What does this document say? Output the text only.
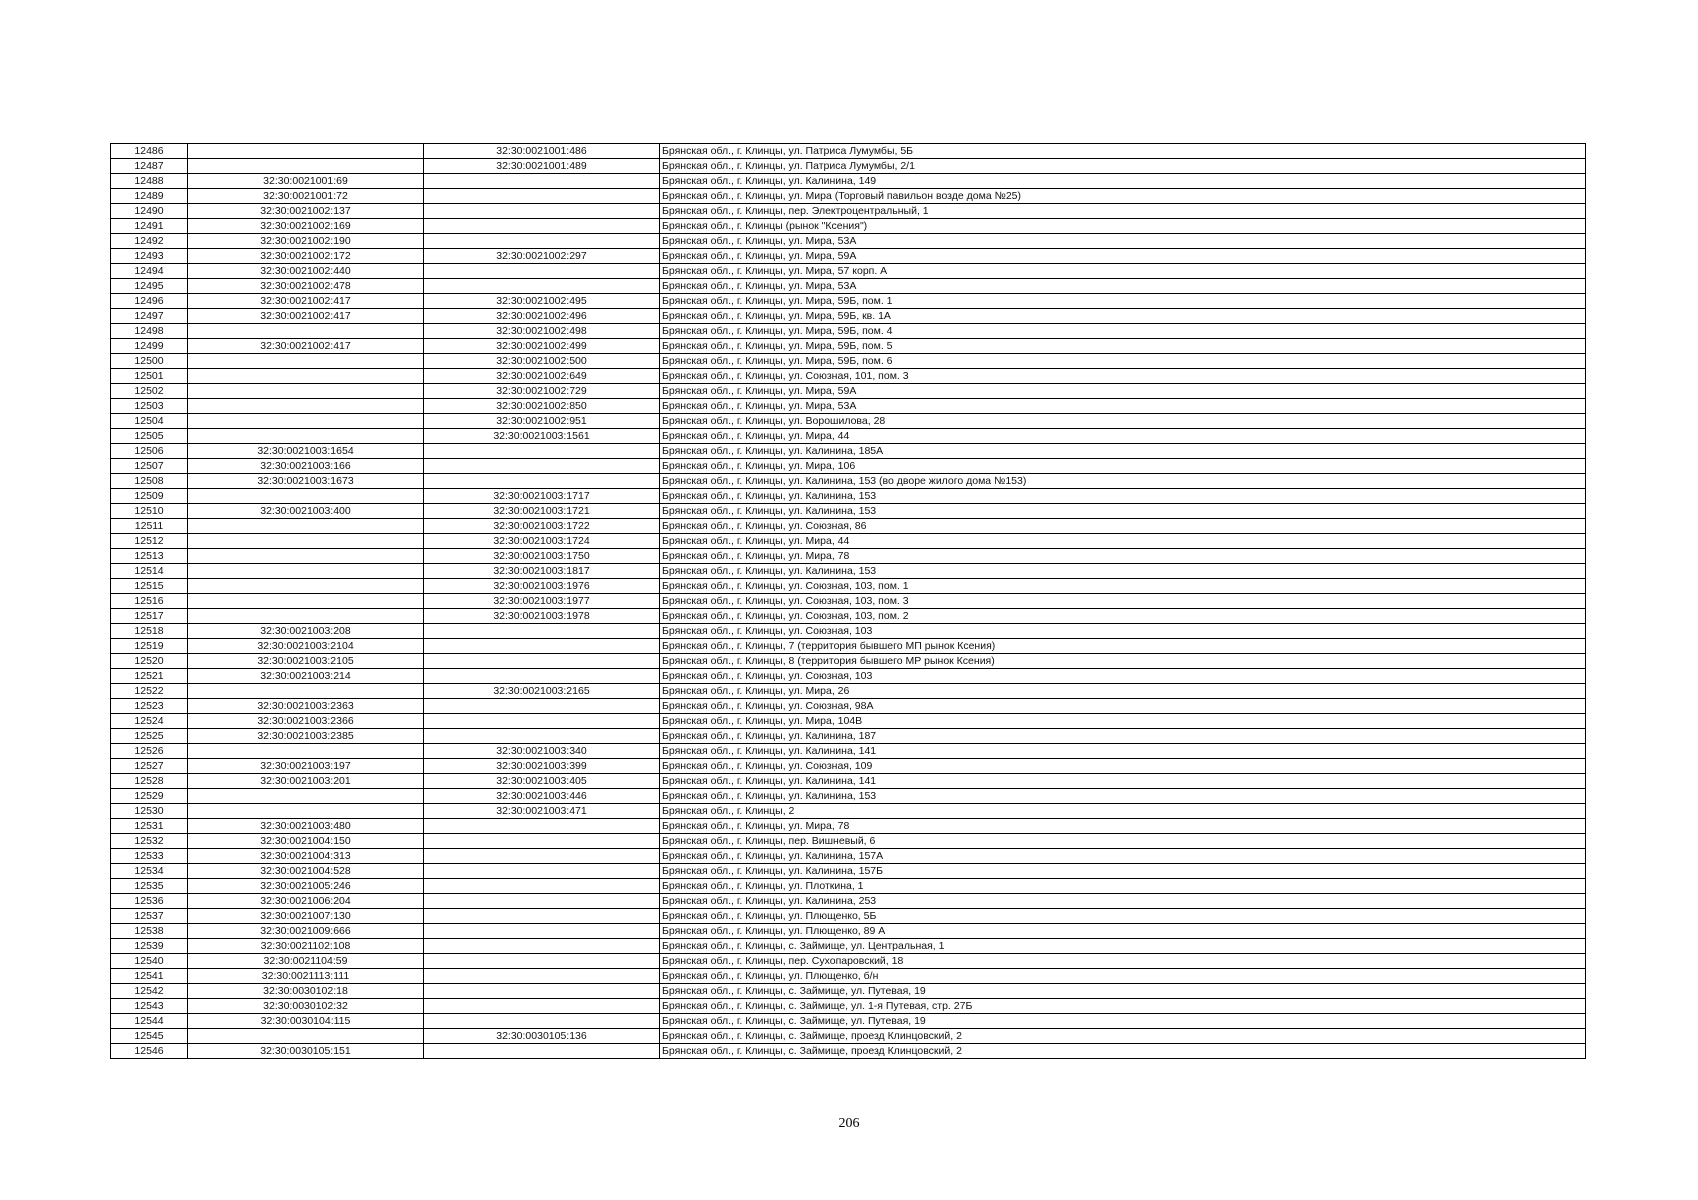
12486		32:30:0021001:486	Брянская обл., г. Клинцы, ул. Патриса Лумумбы, 5Б
12487		32:30:0021001:489	Брянская обл., г. Клинцы, ул. Патриса Лумумбы, 2/1
12488	32:30:0021001:69		Брянская обл., г. Клинцы, ул. Калинина, 149
12489	32:30:0021001:72		Брянская обл., г. Клинцы, ул. Мира (Торговый павильон возде дома №25)
12490	32:30:0021002:137		Брянская обл., г. Клинцы, пер. Электроцентральный, 1
12491	32:30:0021002:169		Брянская обл., г. Клинцы (рынок "Ксения")
12492	32:30:0021002:190		Брянская обл., г. Клинцы, ул. Мира, 53А
12493	32:30:0021002:172	32:30:0021002:297	Брянская обл., г. Клинцы, ул. Мира, 59А
12494	32:30:0021002:440		Брянская обл., г. Клинцы, ул. Мира, 57 корп. А
12495	32:30:0021002:478		Брянская обл., г. Клинцы, ул. Мира, 53А
12496	32:30:0021002:417	32:30:0021002:495	Брянская обл., г. Клинцы, ул. Мира, 59Б, пом. 1
12497	32:30:0021002:417	32:30:0021002:496	Брянская обл., г. Клинцы, ул. Мира, 59Б, кв. 1А
12498		32:30:0021002:498	Брянская обл., г. Клинцы, ул. Мира, 59Б, пом. 4
12499	32:30:0021002:417	32:30:0021002:499	Брянская обл., г. Клинцы, ул. Мира, 59Б, пом. 5
12500		32:30:0021002:500	Брянская обл., г. Клинцы, ул. Мира, 59Б, пом. 6
12501		32:30:0021002:649	Брянская обл., г. Клинцы, ул. Союзная, 101, пом. 3
12502		32:30:0021002:729	Брянская обл., г. Клинцы, ул. Мира, 59А
12503		32:30:0021002:850	Брянская обл., г. Клинцы, ул. Мира, 53А
12504		32:30:0021002:951	Брянская обл., г. Клинцы, ул. Ворошилова, 28
12505		32:30:0021003:1561	Брянская обл., г. Клинцы, ул. Мира, 44
12506	32:30:0021003:1654		Брянская обл., г. Клинцы, ул. Калинина, 185А
12507	32:30:0021003:166		Брянская обл., г. Клинцы, ул. Мира, 106
12508	32:30:0021003:1673		Брянская обл., г. Клинцы, ул. Калинина, 153 (во дворе жилого дома №153)
12509		32:30:0021003:1717	Брянская обл., г. Клинцы, ул. Калинина, 153
12510	32:30:0021003:400	32:30:0021003:1721	Брянская обл., г. Клинцы, ул. Калинина, 153
12511		32:30:0021003:1722	Брянская обл., г. Клинцы, ул. Союзная, 86
12512		32:30:0021003:1724	Брянская обл., г. Клинцы, ул. Мира, 44
12513		32:30:0021003:1750	Брянская обл., г. Клинцы, ул. Мира, 78
12514		32:30:0021003:1817	Брянская обл., г. Клинцы, ул. Калинина, 153
12515		32:30:0021003:1976	Брянская обл., г. Клинцы, ул. Союзная, 103, пом. 1
12516		32:30:0021003:1977	Брянская обл., г. Клинцы, ул. Союзная, 103, пом. 3
12517		32:30:0021003:1978	Брянская обл., г. Клинцы, ул. Союзная, 103, пом. 2
12518	32:30:0021003:208		Брянская обл., г. Клинцы, ул. Союзная, 103
12519	32:30:0021003:2104		Брянская обл., г. Клинцы, 7 (территория бывшего МП рынок Ксения)
12520	32:30:0021003:2105		Брянская обл., г. Клинцы, 8 (территория бывшего МР рынок Ксения)
12521	32:30:0021003:214		Брянская обл., г. Клинцы, ул. Союзная, 103
12522		32:30:0021003:2165	Брянская обл., г. Клинцы, ул. Мира, 26
12523	32:30:0021003:2363		Брянская обл., г. Клинцы, ул. Союзная, 98А
12524	32:30:0021003:2366		Брянская обл., г. Клинцы, ул. Мира, 104В
12525	32:30:0021003:2385		Брянская обл., г. Клинцы, ул. Калинина, 187
12526		32:30:0021003:340	Брянская обл., г. Клинцы, ул. Калинина, 141
12527	32:30:0021003:197	32:30:0021003:399	Брянская обл., г. Клинцы, ул. Союзная, 109
12528	32:30:0021003:201	32:30:0021003:405	Брянская обл., г. Клинцы, ул. Калинина, 141
12529		32:30:0021003:446	Брянская обл., г. Клинцы, ул. Калинина, 153
12530		32:30:0021003:471	Брянская обл., г. Клинцы, 2
12531	32:30:0021003:480		Брянская обл., г. Клинцы, ул. Мира, 78
12532	32:30:0021004:150		Брянская обл., г. Клинцы, пер. Вишневый, 6
12533	32:30:0021004:313		Брянская обл., г. Клинцы, ул. Калинина, 157А
12534	32:30:0021004:528		Брянская обл., г. Клинцы, ул. Калинина, 157Б
12535	32:30:0021005:246		Брянская обл., г. Клинцы, ул. Плоткина, 1
12536	32:30:0021006:204		Брянская обл., г. Клинцы, ул. Калинина, 253
12537	32:30:0021007:130		Брянская обл., г. Клинцы, ул. Плющенко, 5Б
12538	32:30:0021009:666		Брянская обл., г. Клинцы, ул. Плющенко, 89 А
12539	32:30:0021102:108		Брянская обл., г. Клинцы, с. Займище, ул. Центральная, 1
12540	32:30:0021104:59		Брянская обл., г. Клинцы, пер. Сухопаровский, 18
12541	32:30:0021113:111		Брянская обл., г. Клинцы, ул. Плющенко, б/н
12542	32:30:0030102:18		Брянская обл., г. Клинцы, с. Займище, ул. Путевая, 19
12543	32:30:0030102:32		Брянская обл., г. Клинцы, с. Займище, ул. 1-я Путевая, стр. 27Б
12544	32:30:0030104:115		Брянская обл., г. Клинцы, с. Займище, ул. Путевая, 19
12545		32:30:0030105:136	Брянская обл., г. Клинцы, с. Займище, проезд Клинцовский, 2
12546	32:30:0030105:151		Брянская обл., г. Клинцы, с. Займище, проезд Клинцовский, 2
206
